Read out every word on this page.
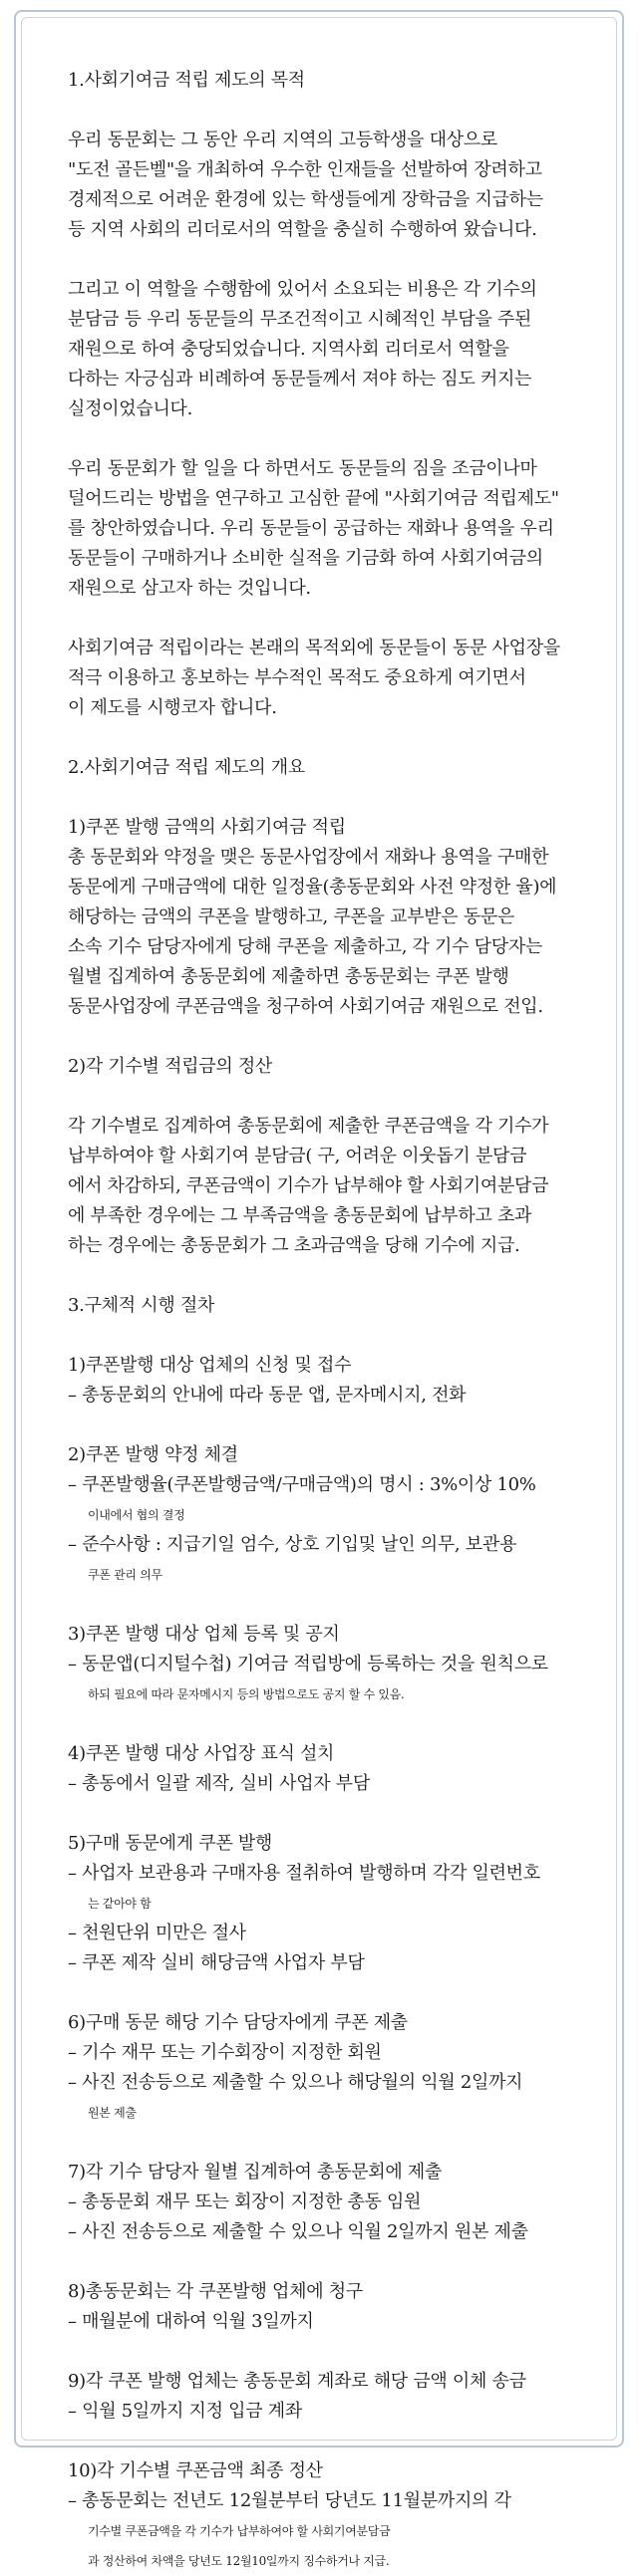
1.사회기여금 적립 제도의 목적
우리 동문회는 그 동안 우리 지역의 고등학생을 대상으로
"도전 골든벨"을 개최하여 우수한 인재들을 선발하여 장려하고
경제적으로 어려운 환경에 있는 학생들에게 장학금을 지급하는
등 지역 사회의 리더로서의 역할을 충실히 수행하여 왔습니다.
그리고 이 역할을 수행함에 있어서 소요되는 비용은 각 기수의
분담금 등 우리 동문들의 무조건적이고 시혜적인 부담을 주된
재원으로 하여 충당되었습니다. 지역사회 리더로서 역할을
다하는 자긍심과 비례하여 동문들께서 져야 하는 짐도 커지는
실정이었습니다.
우리 동문회가 할 일을 다 하면서도 동문들의 짐을 조금이나마
덜어드리는 방법을 연구하고 고심한 끝에 "사회기여금 적립제도"
를 창안하였습니다. 우리 동문들이 공급하는 재화나 용역을 우리
동문들이 구매하거나 소비한 실적을 기금화 하여 사회기여금의
재원으로 삼고자 하는 것입니다.
사회기여금 적립이라는 본래의 목적외에 동문들이 동문 사업장을
적극 이용하고 홍보하는 부수적인 목적도 중요하게 여기면서
이 제도를 시행코자 합니다.
2.사회기여금 적립 제도의 개요
1)쿠폰 발행 금액의 사회기여금 적립
총 동문회와 약정을 맺은 동문사업장에서 재화나 용역을 구매한
동문에게 구매금액에 대한 일정율(총동문회와 사전 약정한 율)에
해당하는 금액의 쿠폰을 발행하고, 쿠폰을 교부받은 동문은
소속 기수 담당자에게 당해 쿠폰을 제출하고, 각 기수 담당자는
월별 집계하여 총동문회에 제출하면 총동문회는 쿠폰 발행
동문사업장에 쿠폰금액을 청구하여 사회기여금 재원으로 전입.
2)각 기수별 적립금의 정산
각 기수별로 집계하여 총동문회에 제출한 쿠폰금액을 각 기수가
납부하여야 할 사회기여 분담금( 구, 어려운 이웃돕기 분담금
에서 차감하되, 쿠폰금액이 기수가 납부해야 할 사회기여분담금
에 부족한 경우에는 그 부족금액을 총동문회에 납부하고 초과
하는 경우에는 총동문회가 그 초과금액을 당해 기수에 지급.
3.구체적 시행 절차
1)쿠폰발행 대상 업체의 신청 및 접수
– 총동문회의 안내에 따라 동문 앱, 문자메시지, 전화
2)쿠폰 발행 약정 체결
– 쿠폰발행율(쿠폰발행금액/구매금액)의 명시 : 3%이상 10%
이내에서 협의 결정
– 준수사항 : 지급기일 엄수, 상호 기입및 날인 의무, 보관용
쿠폰 관리 의무
3)쿠폰 발행 대상 업체 등록 및 공지
– 동문앱(디지털수첩) 기여금 적립방에 등록하는 것을 원칙으로
하되 필요에 따라 문자메시지 등의 방법으로도 공지 할 수 있음.
4)쿠폰 발행 대상 사업장 표식 설치
– 총동에서 일괄 제작, 실비 사업자 부담
5)구매 동문에게 쿠폰 발행
– 사업자 보관용과 구매자용 절취하여 발행하며 각각 일련번호
는 같아야 함
– 천원단위 미만은 절사
– 쿠폰 제작 실비 해당금액 사업자 부담
6)구매 동문 해당 기수 담당자에게 쿠폰 제출
– 기수 재무 또는 기수회장이 지정한 회원
– 사진 전송등으로 제출할 수 있으나 해당월의 익월 2일까지
원본 제출
7)각 기수 담당자 월별 집계하여 총동문회에 제출
– 총동문회 재무 또는 회장이 지정한 총동 임원
– 사진 전송등으로 제출할 수 있으나 익월 2일까지 원본 제출
8)총동문회는 각 쿠폰발행 업체에 청구
– 매월분에 대하여 익월 3일까지
9)각 쿠폰 발행 업체는 총동문회 계좌로 해당 금액 이체 송금
– 익월 5일까지 지정 입금 계좌
10)각 기수별 쿠폰금액 최종 정산
– 총동문회는 전년도 12월분부터 당년도 11월분까지의 각
기수별 쿠폰금액을 각 기수가 납부하여야 할 사회기여분담금
과 정산하여 차액을 당년도 12월10일까지 징수하거나 지급.
